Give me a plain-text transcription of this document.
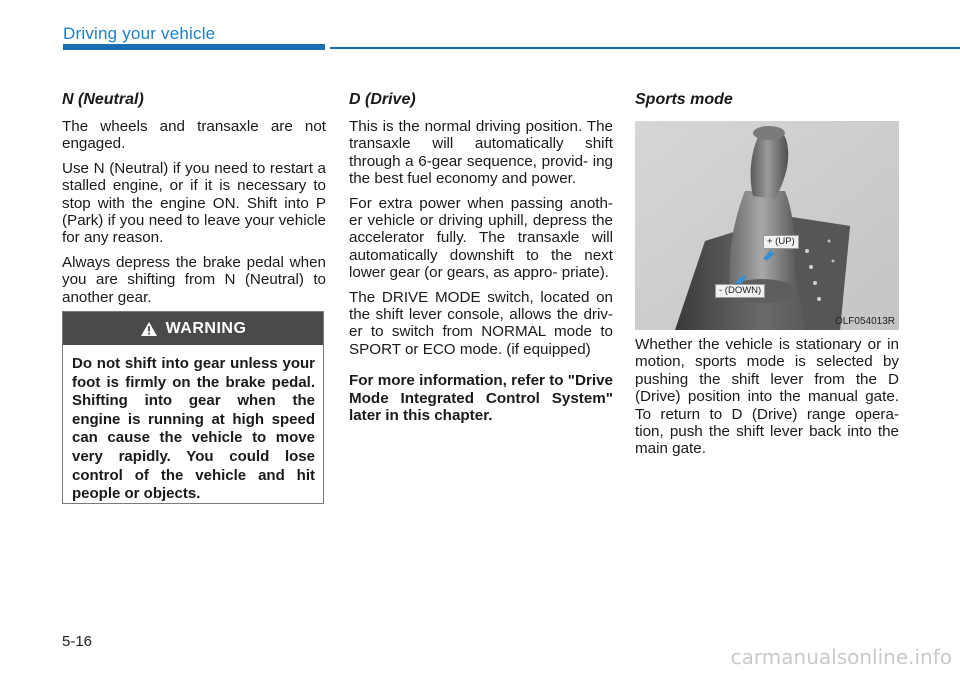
Driving your vehicle
N (Neutral)

The wheels and transaxle are not engaged.

Use N (Neutral) if you need to restart a stalled engine, or if it is necessary to stop with the engine ON. Shift into P (Park) if you need to leave your vehicle for any reason.

Always depress the brake pedal when you are shifting from N (Neutral) to another gear.

WARNING
Do not shift into gear unless your foot is firmly on the brake pedal. Shifting into gear when the engine is running at high speed can cause the vehicle to move very rapidly. You could lose control of the vehicle and hit people or objects.
D (Drive)

This is the normal driving position. The transaxle will automatically shift through a 6-gear sequence, provid- ing the best fuel economy and power.

For extra power when passing anoth- er vehicle or driving uphill, depress the accelerator fully. The transaxle will automatically downshift to the next lower gear (or gears, as appro- priate).

The DRIVE MODE switch, located on the shift lever console, allows the driv- er to switch from NORMAL mode to SPORT or ECO mode. (if equipped)

For more information, refer to "Drive Mode Integrated Control System" later in this chapter.

Sports mode
+ (UP)
- (DOWN)
OLF054013R

Whether the vehicle is stationary or in motion, sports mode is selected by pushing the shift lever from the D (Drive) position into the manual gate. To return to D (Drive) range opera- tion, push the shift lever back into the main gate.

5-16
carmanualsonline.info
